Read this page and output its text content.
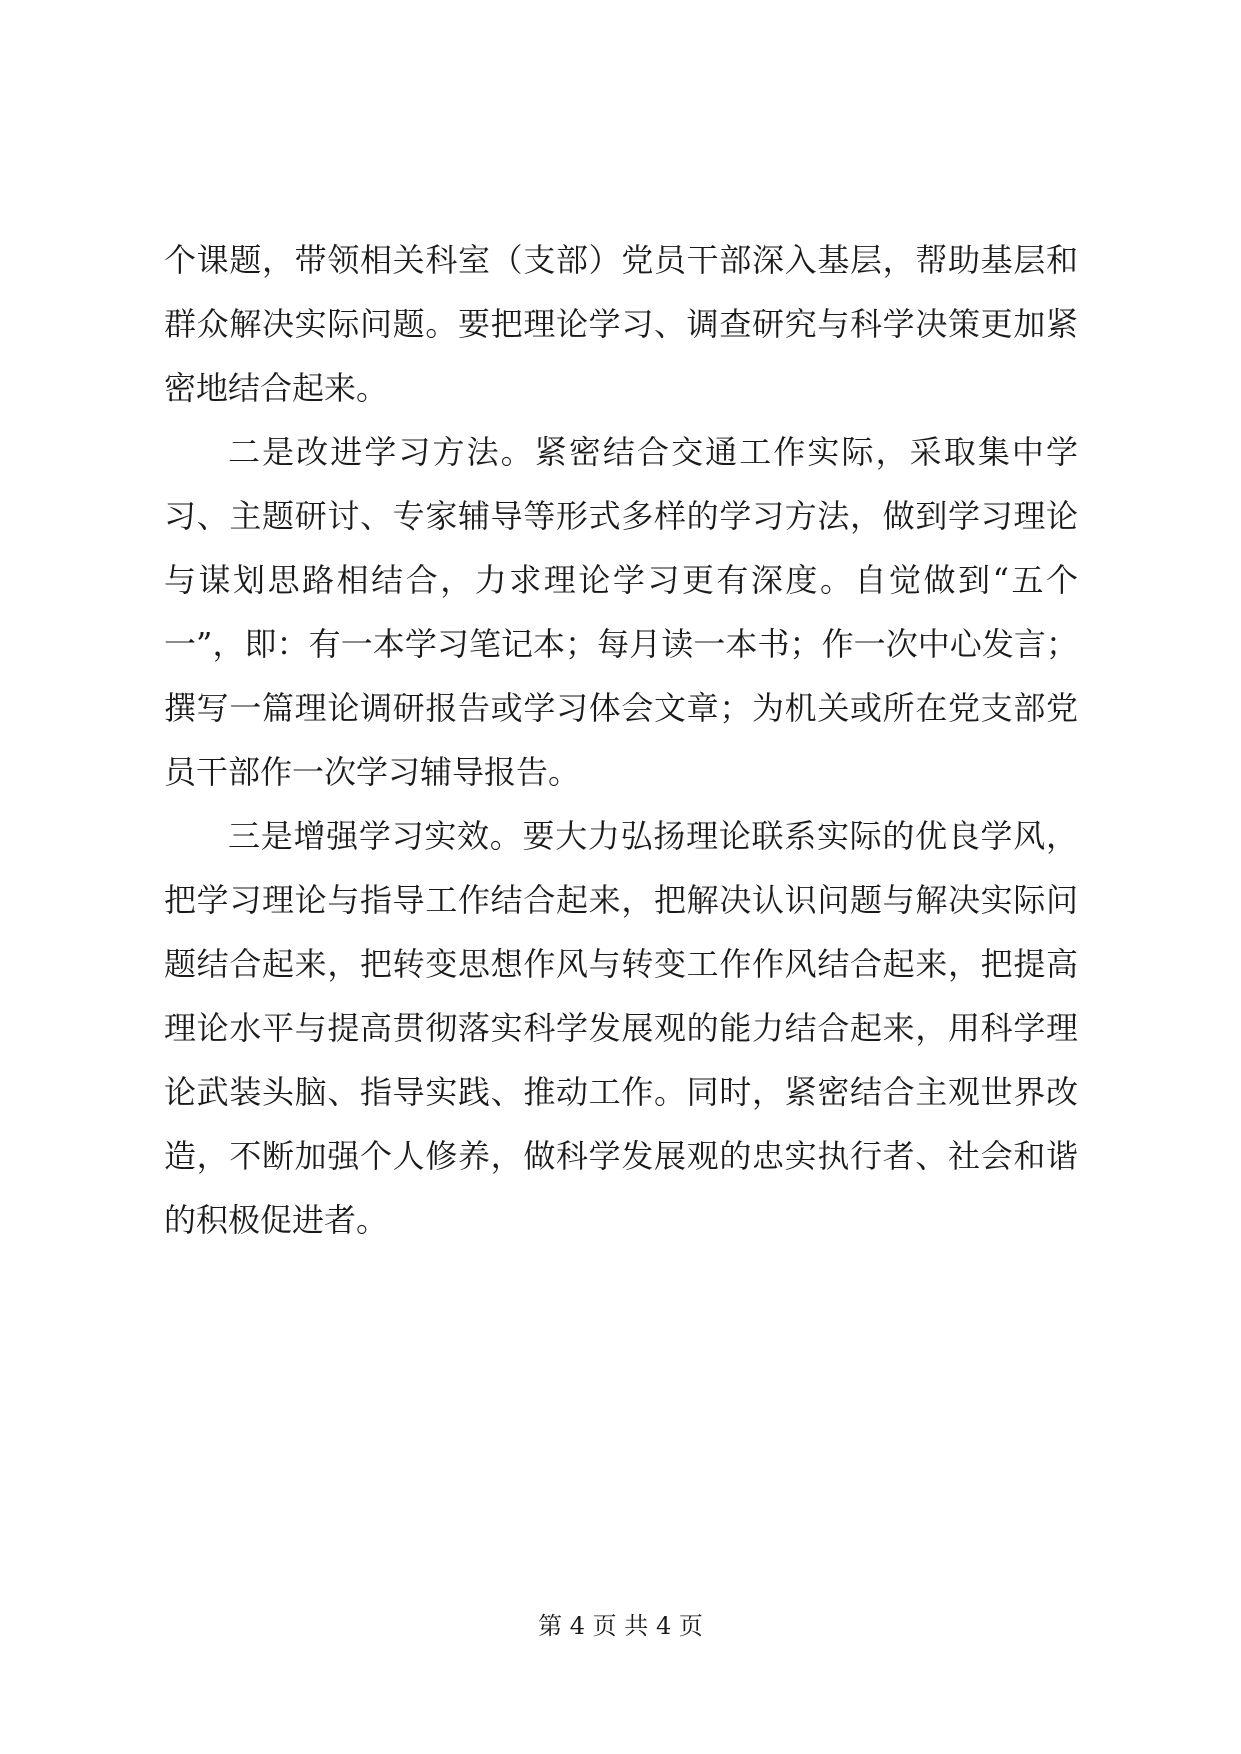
个课题，带领相关科室（支部）党员干部深入基层，帮助基层和群众解决实际问题。要把理论学习、调查研究与科学决策更加紧密地结合起来。

二是改进学习方法。紧密结合交通工作实际，采取集中学习、主题研讨、专家辅导等形式多样的学习方法，做到学习理论与谋划思路相结合，力求理论学习更有深度。自觉做到“五个一”，即：有一本学习笔记本；每月读一本书；作一次中心发言；撰写一篇理论调研报告或学习体会文章；为机关或所在党支部党员干部作一次学习辅导报告。

三是增强学习实效。要大力弘扬理论联系实际的优良学风，把学习理论与指导工作结合起来，把解决认识问题与解决实际问题结合起来，把转变思想作风与转变工作作风结合起来，把提高理论水平与提高贯彻落实科学发展观的能力结合起来，用科学理论武装头脑、指导实践、推动工作。同时，紧密结合主观世界改造，不断加强个人修养，做科学发展观的忠实执行者、社会和谐的积极促进者。

第 4 页 共 4 页
